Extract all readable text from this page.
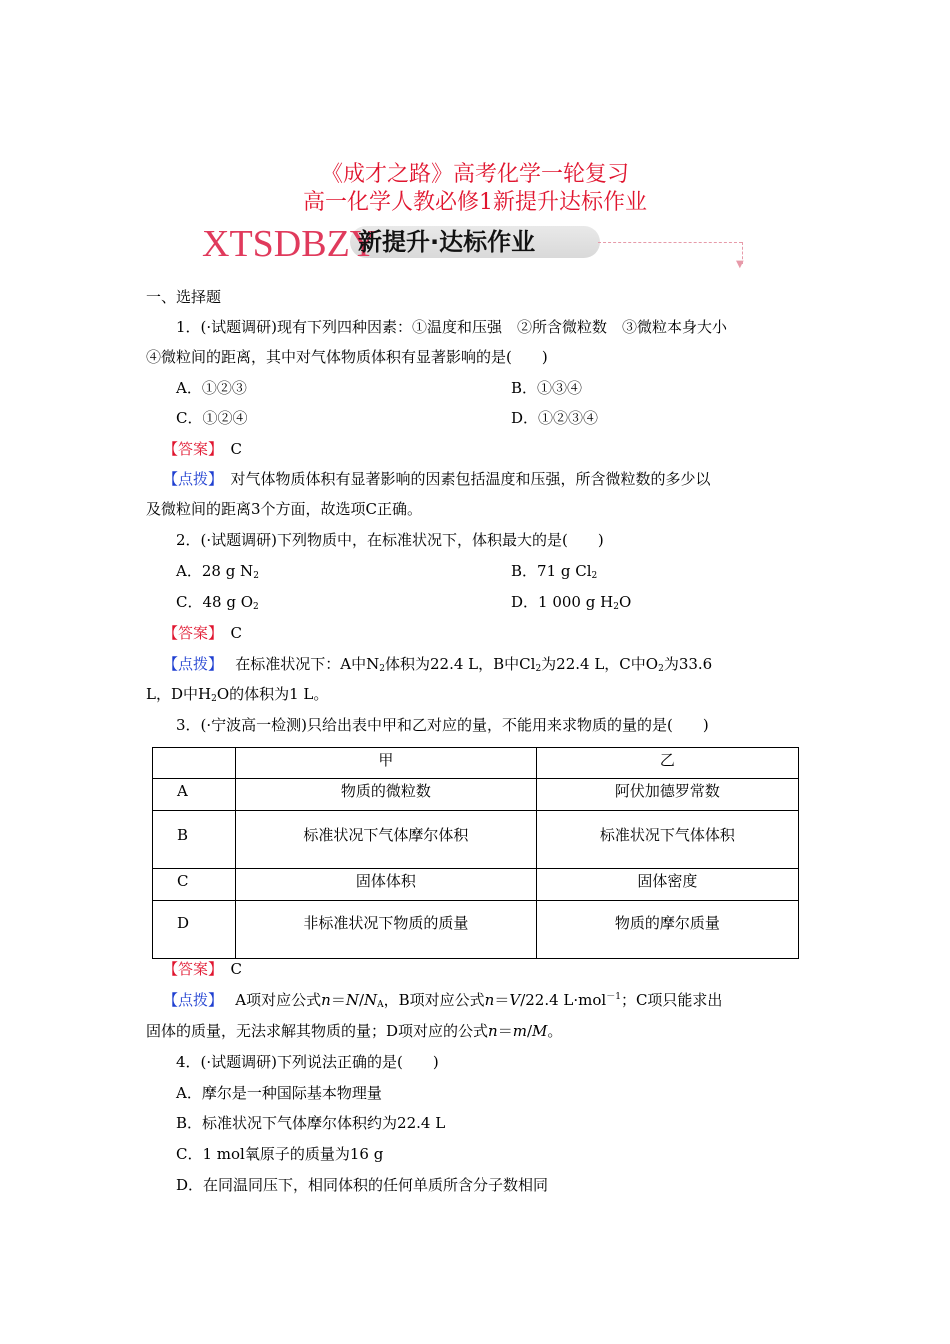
《成才之路》高考化学一轮复习
高一化学人教必修1新提升达标作业
XTSDBZY
新提升·达标作业
▼
一、选择题
1．(·试题调研)现有下列四种因素：①温度和压强　②所含微粒数　③微粒本身大小
④微粒间的距离，其中对气体物质体积有显著影响的是(　　)
A．①②③	B．①③④
C．①②④	D．①②③④
【答案】　 C
【点拨】　 对气体物质体积有显著影响的因素包括温度和压强，所含微粒数的多少以
及微粒间的距离3个方面，故选项C正确。
2．(·试题调研)下列物质中，在标准状况下，体积最大的是(　　)
A．28 g $N_2$	B．71 g $Cl_2$
C．48 g $O_2$	D．1 000 g $H_2O$
【答案】　 C
【点拨】　 在标准状况下：A中$N_2$体积为22.4 L，B中$Cl_2$为22.4 L，C中$O_2$为33.6
L，D中$H_2O$的体积为1 L。
3．(·宁波高一检测)只给出表中甲和乙对应的量，不能用来求物质的量的是(　　)

	甲	乙

A	物质的微粒数	阿伏加德罗常数

B	标准状况下气体摩尔体积	标准状况下气体体积

C	固体体积	固体密度

D	非标准状况下物质的质量	物质的摩尔质量
【答案】　 C
【点拨】　 A项对应公式$n=N/N_A$，B项对应公式n＝V/22.4 L·mol$^{-1}$；C项只能求出
固体的质量，无法求解其物质的量；D项对应的公式n＝m/M。
4．(·试题调研)下列说法正确的是(　　)
A．摩尔是一种国际基本物理量
B．标准状况下气体摩尔体积约为22.4 L
C．1 mol氧原子的质量为16 g
D．在同温同压下，相同体积的任何单质所含分子数相同
